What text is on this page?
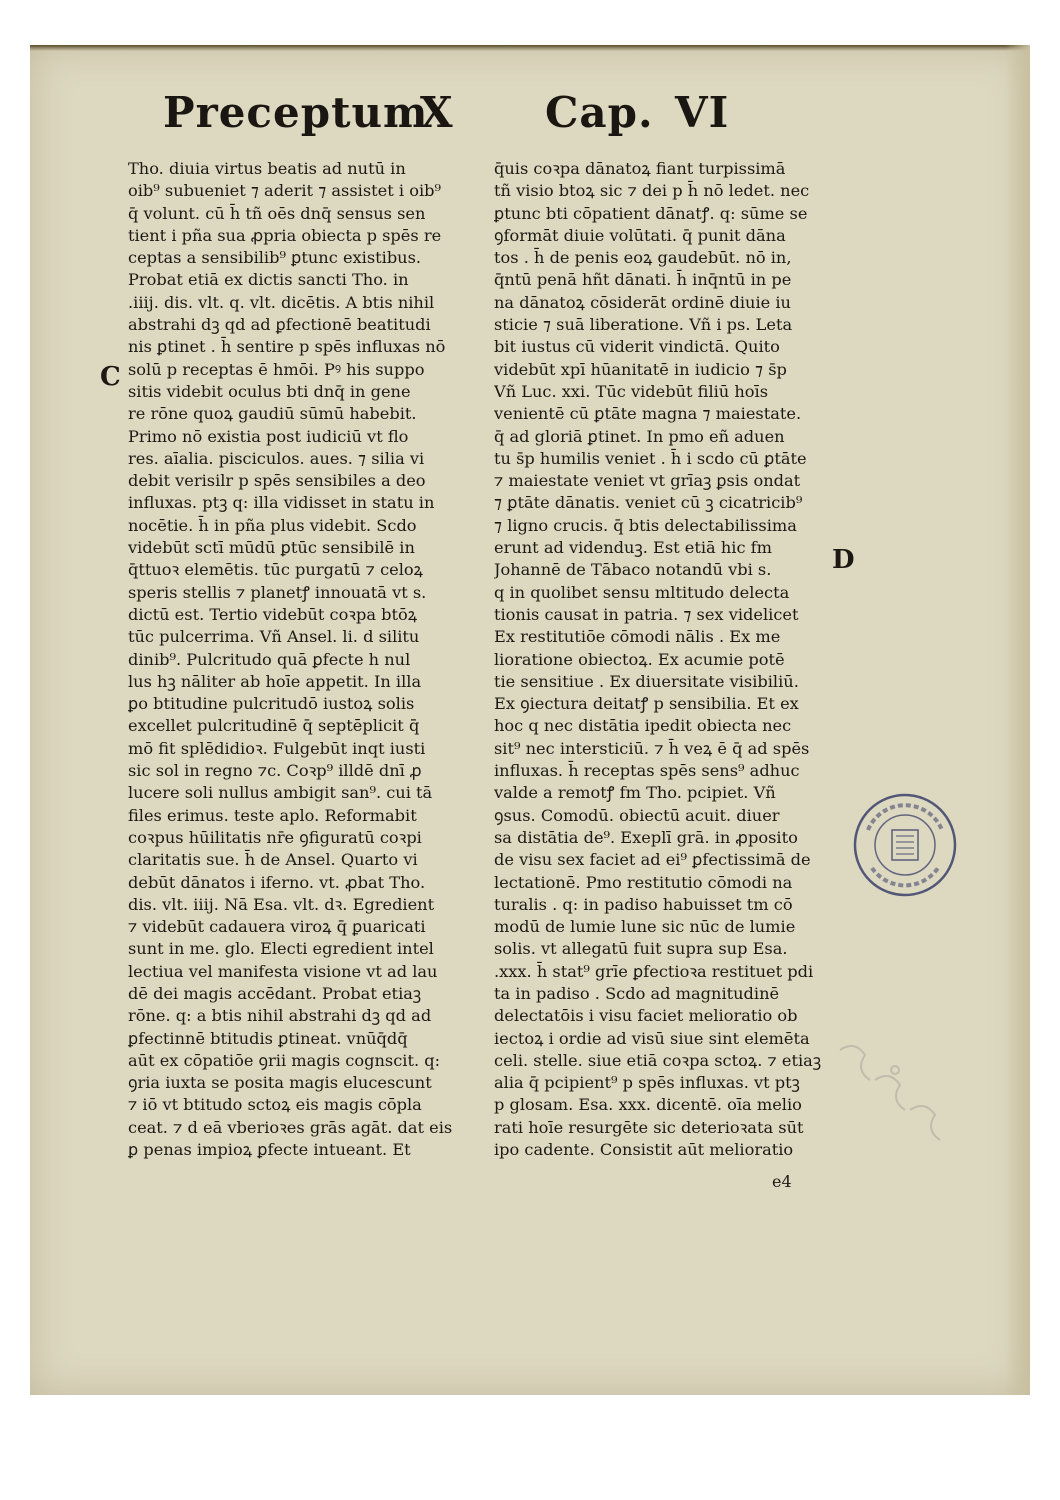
Preceptum
X Cap. VI
C
D
Tho. diuia virtus beatis ad nutū in
oib⁹ subueniet ⁊ aderit ⁊ assistet i oib⁹
q̄ volunt. cū h̄ tñ oēs dnq̄ sensus sen
tient i pña sua ꝓpria obiecta p spēs re
ceptas a sensibilib⁹ ꝑtunc existibus.
Probat etiā ex dictis sancti Tho. in
.iiij. dis. vlt. q. vlt. dicētis. A btis nihil
abstrahi dꝫ qd ad ꝑfectionē beatitudi
nis ꝑtinet . h̄ sentire p spēs influxas nō
solū p receptas ē hmōi. Pꝰ his suppo
sitis videbit oculus bti dnq̄ in gene
re rōne quoꝝ gaudiū sūmū habebit.
Primo nō existia post iudiciū vt flo
res. aīalia. pisciculos. aues. ⁊ silia vi
debit verisilr p spēs sensibiles a deo
influxas. ptꝫ q: illa vidisset in statu in
nocētie. h̄ in pña plus videbit. Scdo
videbūt sctī mūdū ꝑtūc sensibilē in
q̄ttuoꝛ elemētis. tūc purgatū ⁊ celoꝝ
speris stellis ⁊ planetꝭ innouatā vt s.
dictū est. Tertio videbūt coꝛpa btōꝝ
tūc pulcerrima. Vñ Ansel. li. d silitu
dinib⁹. Pulcritudo quā ꝑfecte h nul
lus hꝫ nāliter ab hoīe appetit. In illa
ꝑo btitudine pulcritudō iustoꝝ solis
excellet pulcritudinē q̄ septēplicit q̄̄
mō fit splēdidioꝛ. Fulgebūt inqt iusti
sic sol in regno ⁊c. Coꝛp⁹ illdē dnī ꝓ
lucere soli nullus ambigit san⁹. cui tā
files erimus. teste aplo. Reformabit
coꝛpus hūilitatis nr̄e ꝯfiguratū coꝛpi
claritatis sue. h̄ de Ansel. Quarto vi
debūt dānatos i iferno. vt. ꝓbat Tho.
dis. vlt. iiij. Nā Esa. vlt. dꝛ. Egredient
⁊ videbūt cadauera viroꝝ q̄ ꝑuaricati
sunt in me. glo. Electi egredient intel
lectiua vel manifesta visione vt ad lau
dē dei magis accēdant. Probat etiaꝫ
rōne. q: a btis nihil abstrahi dꝫ qd ad
ꝑfectinnē btitudis ꝑtineat. vnūq̄dq̄
aūt ex cōpatiōe ꝯrii magis cognscit. q:
ꝯria iuxta se posita magis elucescunt
⁊ iō vt btitudo sctoꝝ eis magis cōpla
ceat. ⁊ d eā vberioꝛes grās agāt. dat eis
ꝑ penas impioꝝ ꝑfecte intueant. Et
q̄uis coꝛpa dānatoꝝ fiant turpissimā
tñ visio btoꝝ sic ⁊ dei p h̄ nō ledet. nec
ꝑtunc bti cōpatient dānatꝭ. q: sūme se
ꝯformāt diuie volūtati. q̄ punit dāna
tos . h̄ de penis eoꝝ gaudebūt. nō in,
q̄ntū penā hñt dānati. h̄ inq̄ntū in pe
na dānatoꝝ cōsiderāt ordinē diuie iu
sticie ⁊ suā liberatione. Vñ i ps. Leta
bit iustus cū viderit vindictā. Quito
videbūt xpī hūanitatē in iudicio ⁊ s̄p
Vñ Luc. xxi. Tūc videbūt filiū hoīs
venientē cū ꝑtāte magna ⁊ maiestate.
q̄ ad gloriā ꝑtinet. In pmo eñ aduen
tu s̄p humilis veniet . h̄ i scdo cū ꝑtāte
⁊ maiestate veniet vt grīaꝫ ꝑsis ondat
⁊ ꝑtāte dānatis. veniet cū ꝫ cicatricib⁹
⁊ ligno crucis. q̄ btis delectabilissima
erunt ad videnduꝫ. Est etiā hic fm
Johannē de Tābaco notandū vbi s.
q in quolibet sensu mltitudo delecta
tionis causat in patria. ⁊ sex videlicet
Ex restitutiōe cōmodi nālis . Ex me
lioratione obiectoꝝ. Ex acumie potē
tie sensitiue . Ex diuersitate visibiliū.
Ex ꝯiectura deitatꝭ p sensibilia. Et ex
hoc q nec distātia ipedit obiecta nec
sit⁹ nec intersticiū. ⁊ h̄ veꝝ ē q̄ ad spēs
influxas. h̄ receptas spēs sens⁹ adhuc
valde a remotꝭ fm Tho. pcipiet. Vñ
ꝯsus. Comodū. obiectū acuit. diuer
sa distātia de⁹. Exeplī grā. in ꝓposito
de visu sex faciet ad ei⁹ ꝑfectissimā de
lectationē. Pmo restitutio cōmodi na
turalis . q: in padiso habuisset tm cō
modū de lumie lune sic nūc de lumie
solis. vt allegatū fuit supra sup Esa.
.xxx. h̄ stat⁹ grīe ꝑfectioꝛa restituet pdi
ta in padiso . Scdo ad magnitudinē
delectatōis i visu faciet melioratio ob
iectoꝝ i ordie ad visū siue sint elemēta
celi. stelle. siue etiā coꝛpa sctoꝝ. ⁊ etiaꝫ
alia q̄ pcipient⁹ p spēs influxas. vt ptꝫ
p glosam. Esa. xxx. dicentē. oīa melio
rati hoīe resurgēte sic deterioꝛata sūt
ipo cadente. Consistit aūt melioratio
e4
